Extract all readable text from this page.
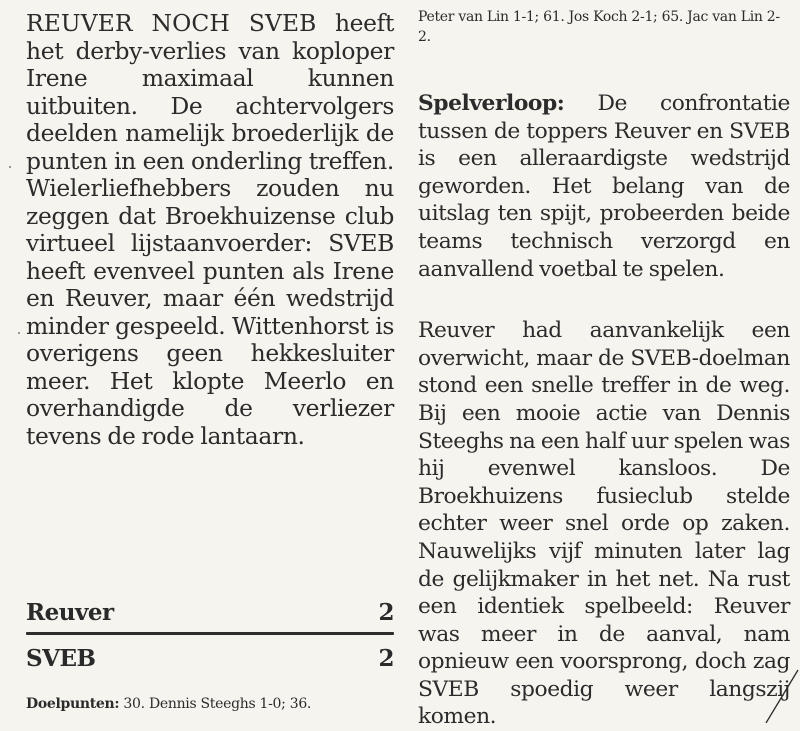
REUVER NOCH SVEB heeft het derby-verlies van koploper Irene maximaal kunnen uitbuiten. De achtervolgers deelden namelijk broederlijk de punten in een onderling treffen. Wielerliefhebbers zouden nu zeggen dat Broekhuizense club virtueel lijstaanvoerder: SVEB heeft evenveel punten als Irene en Reuver, maar één wedstrijd minder gespeeld. Wittenhorst is overigens geen hekkesluiter meer. Het klopte Meerlo en overhandigde de verliezer tevens de rode lantaarn.

Reuver	2
SVEB	2
Doelpunten: 30. Dennis Steeghs 1-0; 36.

Peter van Lin 1-1; 61. Jos Koch 2-1; 65. Jac van Lin 2-2.

Spelverloop: De confrontatie tussen de toppers Reuver en SVEB is een alleraardigste wedstrijd geworden. Het belang van de uitslag ten spijt, probeerden beide teams technisch verzorgd en aanvallend voetbal te spelen.

Reuver had aanvankelijk een overwicht, maar de SVEB-doelman stond een snelle treffer in de weg. Bij een mooie actie van Dennis Steeghs na een half uur spelen was hij evenwel kansloos. De Broekhuizens fusieclub stelde echter weer snel orde op zaken. Nauwelijks vijf minuten later lag de gelijkmaker in het net. Na rust een identiek spelbeeld: Reuver was meer in de aanval, nam opnieuw een voorsprong, doch zag SVEB spoedig weer langszij komen.
